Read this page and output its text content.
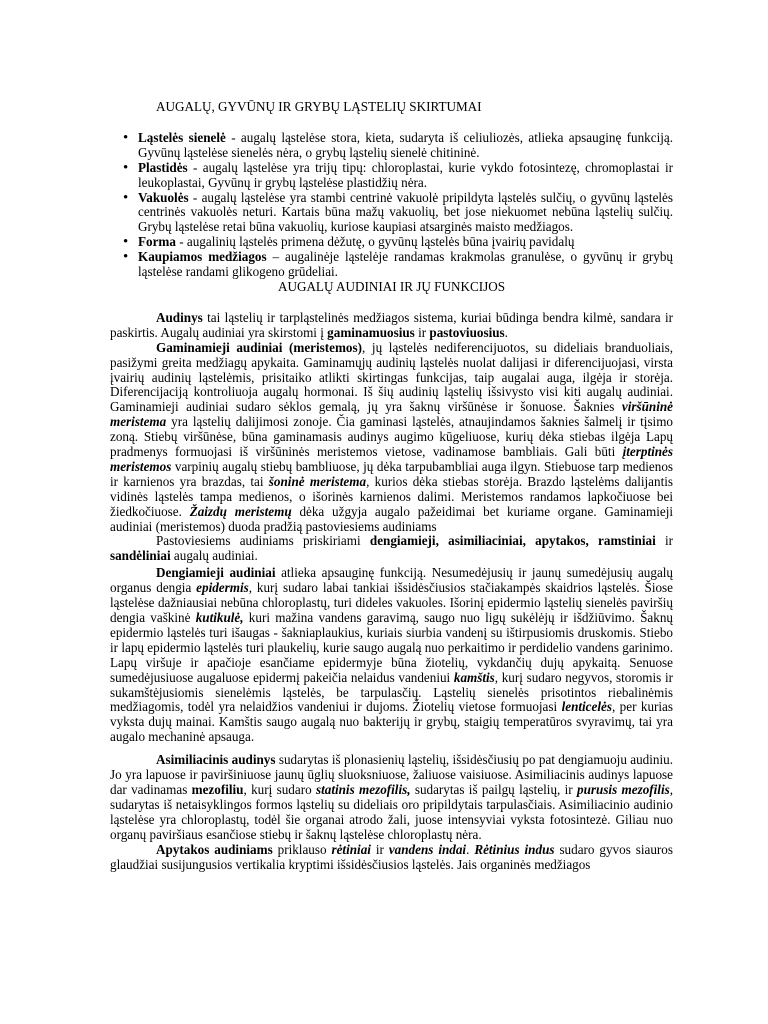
AUGALŲ, GYVŪNŲ IR GRYBŲ LĄSTELIŲ SKIRTUMAI
• Ląstelės sienelė - augalų ląstelėse stora, kieta, sudaryta iš celiuliozės, atlieka apsauginę funkciją. Gyvūnų ląstelėse sienelės nėra, o grybų ląstelių sienelė chitininė.
• Plastidės - augalų ląstelėse yra trijų tipų: chloroplastai, kurie vykdo fotosintezę, chromoplastai ir leukoplastai, Gyvūnų ir grybų ląstelėse plastidžių nėra.
• Vakuolės - augalų ląstelėse yra stambi centrinė vakuolė pripildyta ląstelės sulčių, o gyvūnų ląstelės centrinės vakuolės neturi. Kartais būna mažų vakuolių, bet jose niekuomet nebūna ląstelių sulčių. Grybų ląstelėse retai būna vakuolių, kuriose kaupiasi atsarginės maisto medžiagos.
• Forma - augalinių ląstelės primena dėžutę, o gyvūnų ląstelės būna įvairių pavidalų
• Kaupiamos medžiagos – augalinėje ląstelėje randamas krakmolas granulėse, o gyvūnų ir grybų ląstelėse randami glikogeno grūdeliai.
AUGALŲ AUDINIAI IR JŲ FUNKCIJOS

Audinys tai ląstelių ir tarpląstelinės medžiagos sistema, kuriai būdinga bendra kilmė, sandara ir paskirtis. Augalų audiniai yra skirstomi į gaminamuosius ir pastoviuosius.

Gaminamieji audiniai (meristemos), jų ląstelės nediferencijuotos, su dideliais branduoliais, pasižymi greita medžiagų apykaita. Gaminamųjų audinių ląstelės nuolat dalijasi ir diferencijuojasi, virsta įvairių audinių ląstelėmis, prisitaiko atlikti skirtingas funkcijas, taip augalai auga, ilgėja ir storėja. Diferencijaciją kontroliuoja augalų hormonai. Iš šių audinių ląstelių išsivysto visi kiti augalų audiniai. Gaminamieji audiniai sudaro sėklos gemalą, jų yra šaknų viršūnėse ir šonuose. Šaknies viršūninė meristema yra ląstelių dalijimosi zonoje. Čia gaminasi ląstelės, atnaujindamos šaknies šalmelį ir tįsimo zoną. Stiebų viršūnėse, būna gaminamasis audinys augimo kūgeliuose, kurių dėka stiebas ilgėja Lapų pradmenys formuojasi iš viršūninės meristemos vietose, vadinamose bambliais. Gali būti įterptinės meristemos varpinių augalų stiebų bambliuose, jų dėka tarpubambliai auga ilgyn. Stiebuose tarp medienos ir karnienos yra brazdas, tai šoninė meristema, kurios dėka stiebas storėja. Brazdo ląstelėms dalijantis vidinės ląstelės tampa medienos, o išorinės karnienos dalimi. Meristemos randamos lapkočiuose bei žiedkočiuose. Žaizdų meristemų dėka užgyja augalo pažeidimai bet kuriame organe. Gaminamieji audiniai (meristemos) duoda pradžią pastoviesiems audiniams

Pastoviesiems audiniams priskiriami dengiamieji, asimiliaciniai, apytakos, ramstiniai ir sandėliniai augalų audiniai.

Dengiamieji audiniai atlieka apsauginę funkciją. Nesumedėjusių ir jaunų sumedėjusių augalų organus dengia epidermis, kurį sudaro labai tankiai išsidėsčiusios stačiakampės skaidrios ląstelės. Šiose ląstelėse dažniausiai nebūna chloroplastų, turi dideles vakuoles. Išorinį epidermio ląstelių sienelės paviršių dengia vaškinė kutikulė, kuri mažina vandens garavimą, saugo nuo ligų sukėlėjų ir išdžiūvimo. Šaknų epidermio ląstelės turi išaugas - šakniaplaukius, kuriais siurbia vandenį su ištirpusiomis druskomis. Stiebo ir lapų epidermio ląstelės turi plaukelių, kurie saugo augalą nuo perkaitimo ir perdidelio vandens garinimo. Lapų viršuje ir apačioje esančiame epidermyje būna žiotelių, vykdančių dujų apykaitą. Senuose sumedėjusiuose augaluose epidermį pakeičia nelaidus vandeniui kamštis, kurį sudaro negyvos, storomis ir sukamštėjusiomis sienelėmis ląstelės, be tarpulasčių. Ląstelių sienelės prisotintos riebalinėmis medžiagomis, todėl yra nelaidžios vandeniui ir dujoms. Žiotelių vietose formuojasi lenticelės, per kurias vyksta dujų mainai. Kamštis saugo augalą nuo bakterijų ir grybų, staigių temperatūros svyravimų, tai yra augalo mechaninė apsauga.

Asimiliacinis audinys sudarytas iš plonasienių ląstelių, išsidėsčiusių po pat dengiamuoju audiniu. Jo yra lapuose ir paviršiniuose jaunų ūglių sluoksniuose, žaliuose vaisiuose. Asimiliacinis audinys lapuose dar vadinamas mezofiliu, kurį sudaro statinis mezofilis, sudarytas iš pailgų ląstelių, ir purusis mezofilis, sudarytas iš netaisyklingos formos ląstelių su dideliais oro pripildytais tarpulasčiais. Asimiliacinio audinio ląstelėse yra chloroplastų, todėl šie organai atrodo žali, juose intensyviai vyksta fotosintezė. Giliau nuo organų paviršiaus esančiose stiebų ir šaknų ląstelėse chloroplastų nėra.

Apytakos audiniams priklauso rėtiniai ir vandens indai. Rėtinius indus sudaro gyvos siauros glaudžiai susijungusios vertikalia kryptimi išsidėsčiusios ląstelės. Jais organinės medžiagos
